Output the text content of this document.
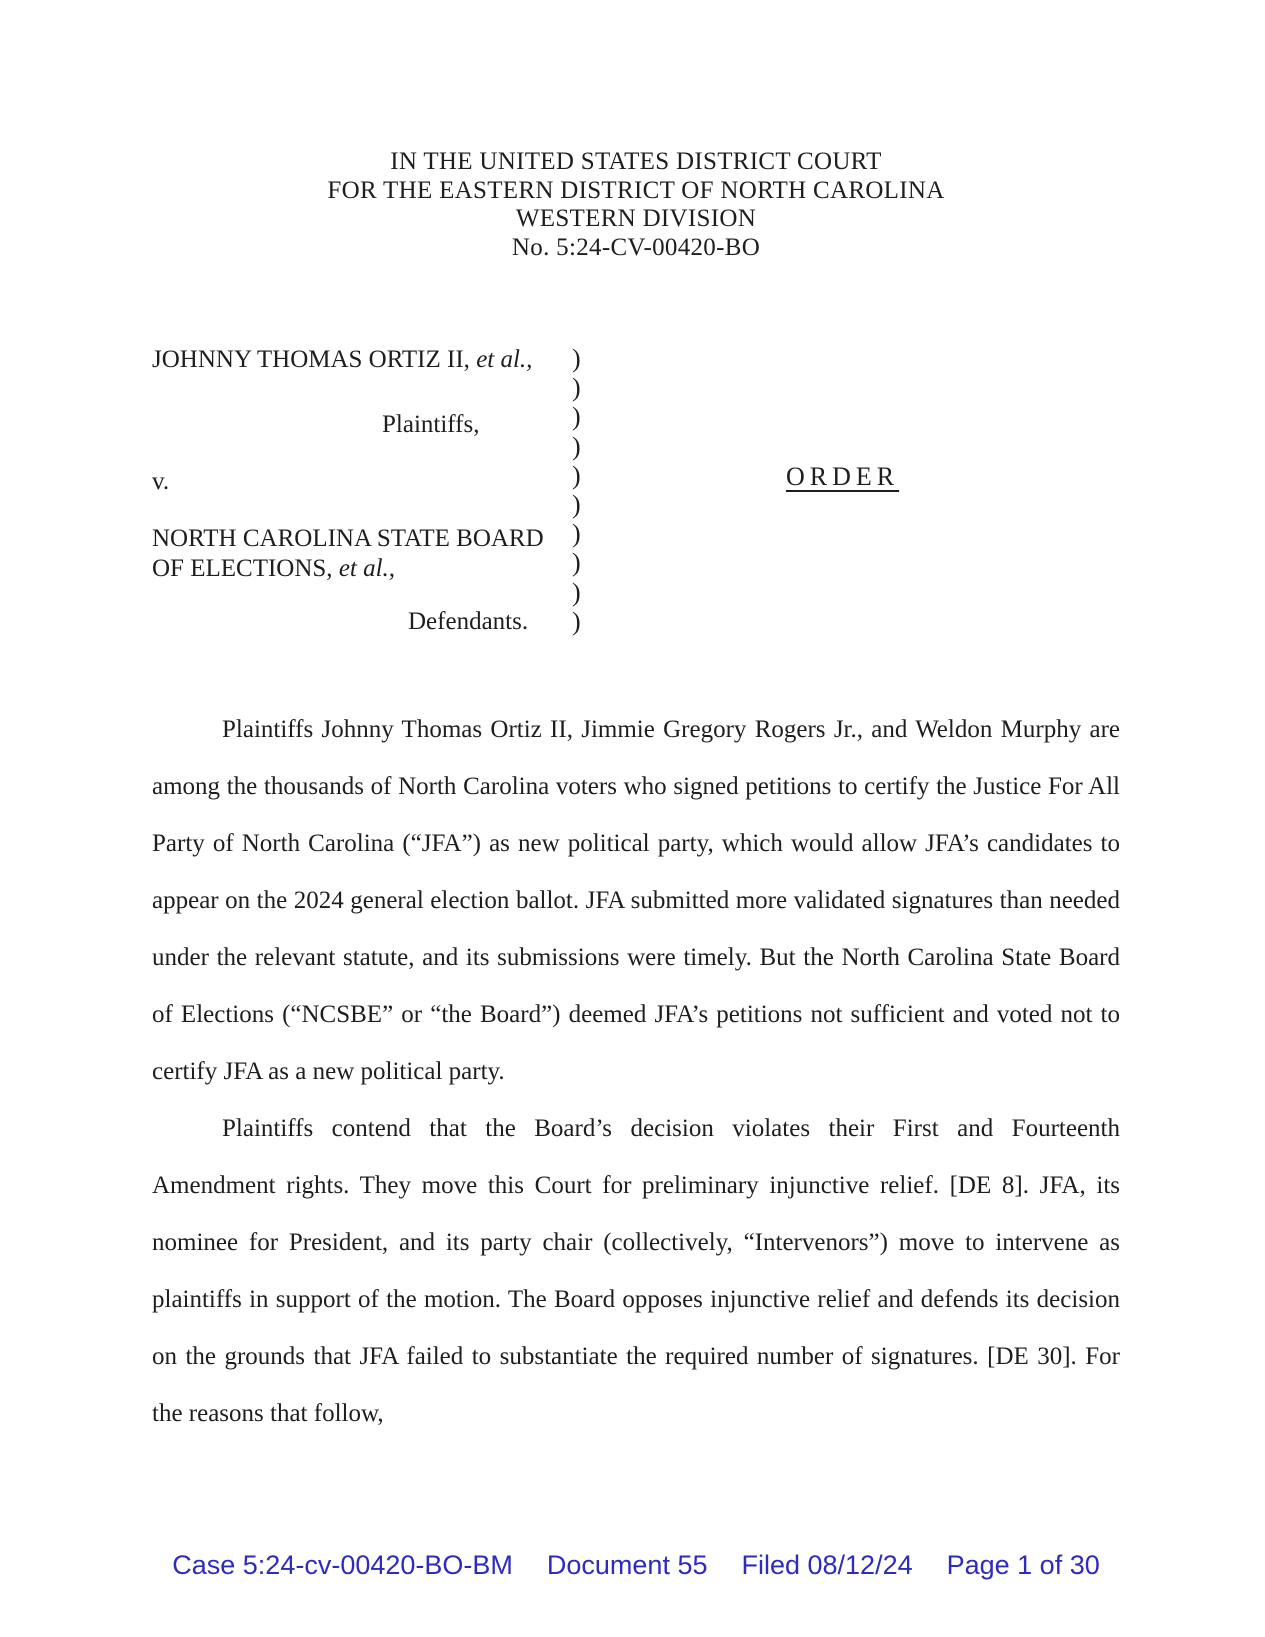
IN THE UNITED STATES DISTRICT COURT
FOR THE EASTERN DISTRICT OF NORTH CAROLINA
WESTERN DIVISION
No. 5:24-CV-00420-BO
JOHNNY THOMAS ORTIZ II, et al.,
Plaintiffs,
v.
NORTH CAROLINA STATE BOARD
OF ELECTIONS, et al.,
Defendants.
)
)
)
)
)
)
)
)
)
)
ORDER

Plaintiffs Johnny Thomas Ortiz II, Jimmie Gregory Rogers Jr., and Weldon Murphy are among the thousands of North Carolina voters who signed petitions to certify the Justice For All Party of North Carolina (“JFA”) as new political party, which would allow JFA’s candidates to appear on the 2024 general election ballot. JFA submitted more validated signatures than needed under the relevant statute, and its submissions were timely. But the North Carolina State Board of Elections (“NCSBE” or “the Board”) deemed JFA’s petitions not sufficient and voted not to certify JFA as a new political party.

Plaintiffs contend that the Board’s decision violates their First and Fourteenth Amendment rights. They move this Court for preliminary injunctive relief. [DE 8]. JFA, its nominee for President, and its party chair (collectively, “Intervenors”) move to intervene as plaintiffs in support of the motion. The Board opposes injunctive relief and defends its decision on the grounds that JFA failed to substantiate the required number of signatures. [DE 30]. For the reasons that follow,

Case 5:24-cv-00420-BO-BM Document 55 Filed 08/12/24 Page 1 of 30
